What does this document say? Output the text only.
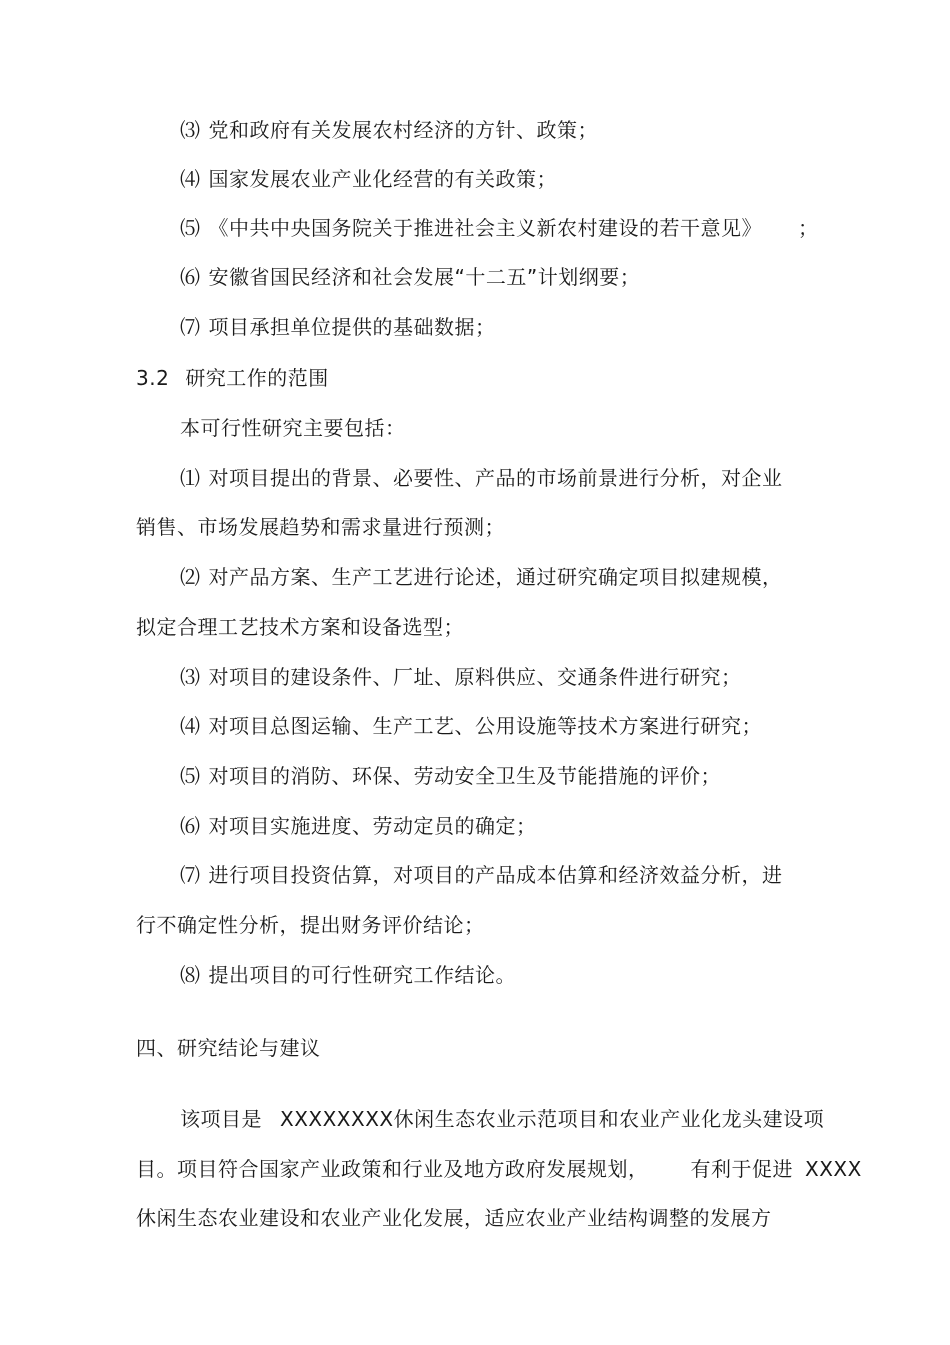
⑶ 党和政府有关发展农村经济的方针、政策；
⑷ 国家发展农业产业化经营的有关政策；
⑸ 《中共中央国务院关于推进社会主义新农村建设的若干意见》 ；
⑹ 安徽省国民经济和社会发展“十二五”计划纲要；
⑺ 项目承担单位提供的基础数据；
3.2 研究工作的范围
本可行性研究主要包括：
⑴ 对项目提出的背景、必要性、产品的市场前景进行分析，对企业
销售、市场发展趋势和需求量进行预测；
⑵ 对产品方案、生产工艺进行论述，通过研究确定项目拟建规模，
拟定合理工艺技术方案和设备选型；
⑶ 对项目的建设条件、厂址、原料供应、交通条件进行研究；
⑷ 对项目总图运输、生产工艺、公用设施等技术方案进行研究；
⑸ 对项目的消防、环保、劳动安全卫生及节能措施的评价；
⑹ 对项目实施进度、劳动定员的确定；
⑺ 进行项目投资估算，对项目的产品成本估算和经济效益分析，进
行不确定性分析，提出财务评价结论；
⑻ 提出项目的可行性研究工作结论。
四、研究结论与建议
该项目是 XXXXXXXX休闲生态农业示范项目和农业产业化龙头建设项
目。项目符合国家产业政策和行业及地方政府发展规划， 有利于促进 XXXX
休闲生态农业建设和农业产业化发展，适应农业产业结构调整的发展方
